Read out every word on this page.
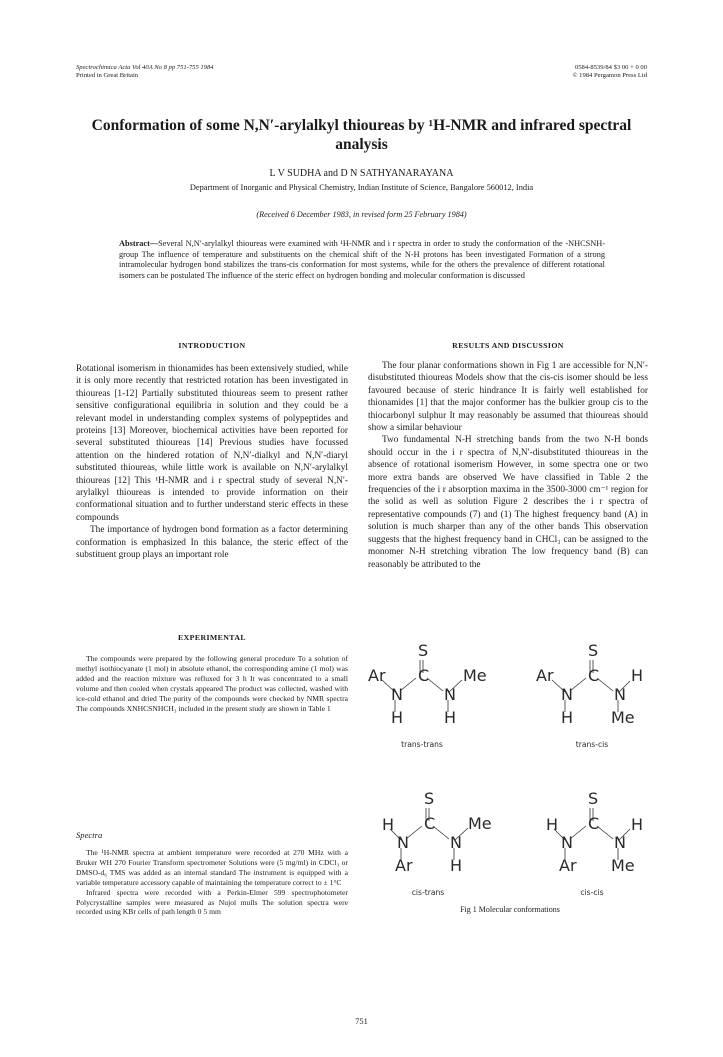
Spectrochimica Acta Vol 40A No 8 pp 751-755 1984
Printed in Great Britain
0584-8539/84 $3 00 + 0 00
© 1984 Pergamon Press Ltd
Conformation of some N,N′-arylalkyl thioureas by ¹H-NMR and infrared spectral analysis
L V SUDHA and D N SATHYANARAYANA
Department of Inorganic and Physical Chemistry, Indian Institute of Science, Bangalore 560012, India
(Received 6 December 1983, in revised form 25 February 1984)
Abstract—Several N,N′-arylalkyl thioureas were examined with ¹H-NMR and i r spectra in order to study the conformation of the -NHCSNH- group The influence of temperature and substituents on the chemical shift of the N-H protons has been investigated Formation of a strong intramolecular hydrogen bond stabilizes the trans-cis conformation for most systems, while for the others the prevalence of different rotational isomers can be postulated The influence of the steric effect on hydrogen bonding and molecular conformation is discussed
INTRODUCTION

Rotational isomerism in thionamides has been extensively studied, while it is only more recently that restricted rotation has been investigated in thioureas [1-12] Partially substituted thioureas seem to present rather sensitive configurational equilibria in solution and they could be a relevant model in understanding complex systems of polypeptides and proteins [13] Moreover, biochemical activities have been reported for several substituted thioureas [14] Previous studies have focussed attention on the hindered rotation of N,N′-dialkyl and N,N′-diaryl substituted thioureas, while little work is available on N,N′-arylalkyl thioureas [12] This ¹H-NMR and i r spectral study of several N,N′-arylalkyl thioureas is intended to provide information on their conformational situation and to further understand steric effects in these compounds

The importance of hydrogen bond formation as a factor determining conformation is emphasized In this balance, the steric effect of the substituent group plays an important role

EXPERIMENTAL

The compounds were prepared by the following general procedure To a solution of methyl isothiocyanate (1 mol) in absolute ethanol, the corresponding amine (1 mol) was added and the reaction mixture was refluxed for 3 h It was concentrated to a small volume and then cooled when crystals appeared The product was collected, washed with ice-cold ethanol and dried The purity of the compounds were checked by NMR spectra The compounds XNHCSNHCH₃ included in the present study are shown in Table 1

Spectra

The ¹H-NMR spectra at ambient temperature were recorded at 270 MHz with a Bruker WH 270 Fourier Transform spectrometer Solutions were (5 mg/ml) in CDCl₃ or DMSO-d₆ TMS was added as an internal standard The instrument is equipped with a variable temperature accessory capable of maintaining the temperature correct to ± 1°C

Infrared spectra were recorded with a Perkin-Elmer 599 spectrophotometer Polycrystalline samples were measured as Nujol mulls The solution spectra were recorded using KBr cells of path length 0 5 mm

RESULTS AND DISCUSSION

The four planar conformations shown in Fig 1 are accessible for N,N′-disubstituted thioureas Models show that the cis-cis isomer should be less favoured because of steric hindrance It is fairly well established for thionamides [1] that the major conformer has the bulkier group cis to the thiocarbonyl sulphur It may reasonably be assumed that thioureas should show a similar behaviour

Two fundamental N-H stretching bands from the two N-H bonds should occur in the i r spectra of N,N′-disubstituted thioureas in the absence of rotational isomerism However, in some spectra one or two more extra bands are observed We have classified in Table 2 the frequencies of the i r absorption maxima in the 3500-3000 cm⁻¹ region for the solid as well as solution Figure 2 describes the i r spectra of representative compounds (7) and (1) The highest frequency band (A) in solution is much sharper than any of the other bands This observation suggests that the highest frequency band in CHCl₃ can be assigned to the monomer N-H stretching vibration The low frequency band (B) can reasonably be attributed to the

S
C
N	N
Ar	Me
H	H
S
C
N	N
Ar	H
H Me
S
C
N	N
H	Me
Ar H
S
C
N	N
H	H
Ar Me
trans-trans	trans-cis
cis-trans	cis-cis
Fig 1 Molecular conformations
751
